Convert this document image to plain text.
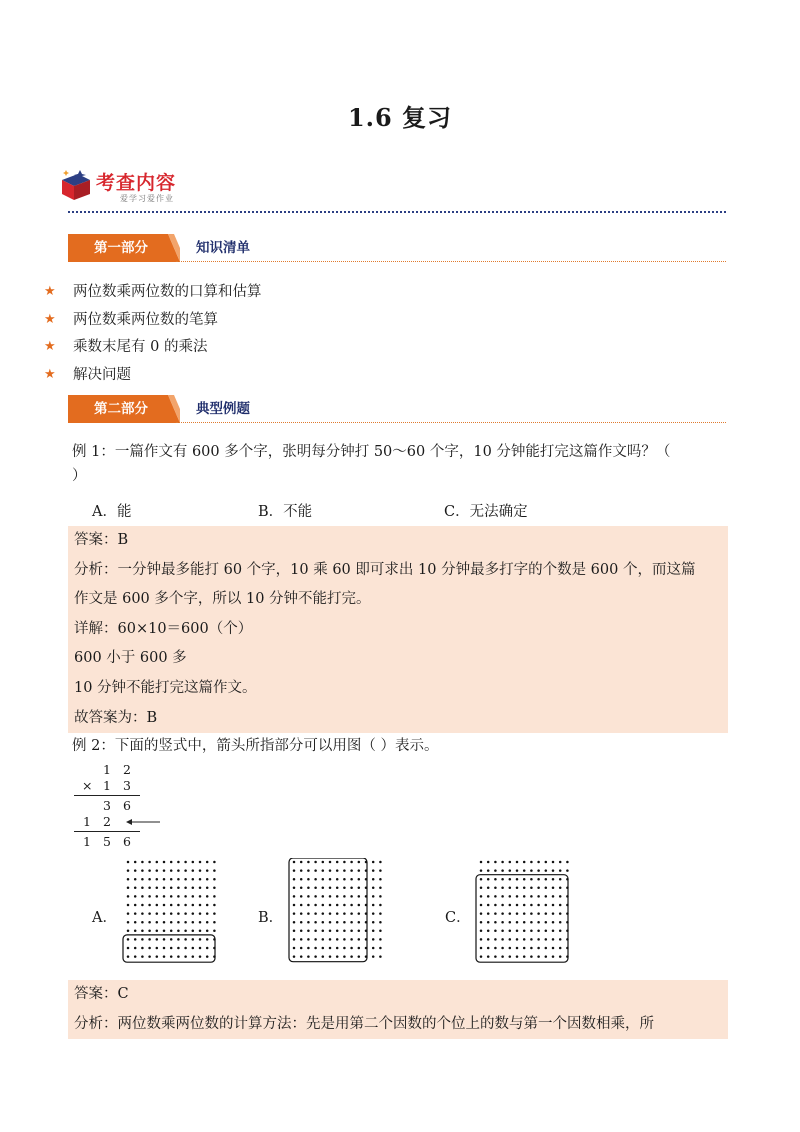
1.6 复习
考查内容
爱学习爱作业
第一部分	知识清单
★	两位数乘两位数的口算和估算
★	两位数乘两位数的笔算
★	乘数末尾有 0 的乘法
★	解决问题
第二部分	典型例题
例 1：一篇作文有 600 多个字，张明每分钟打 50～60 个字，10 分钟能打完这篇作文吗？（
）
A．能	B．不能	C．无法确定
答案：B
分析：一分钟最多能打 60 个字，10 乘 60 即可求出 10 分钟最多打字的个数是 600 个，而这篇
作文是 600 多个字，所以 10 分钟不能打完。
详解：60×10＝600（个）
600 小于 600 多
10 分钟不能打完这篇作文。
故答案为：B
例 2：下面的竖式中，箭头所指部分可以用图（ ）表示。
1 2
× 1 3
3 6
1 2
1 5 6
A．	B．	C．
答案：C
分析：两位数乘两位数的计算方法：先是用第二个因数的个位上的数与第一个因数相乘，所
